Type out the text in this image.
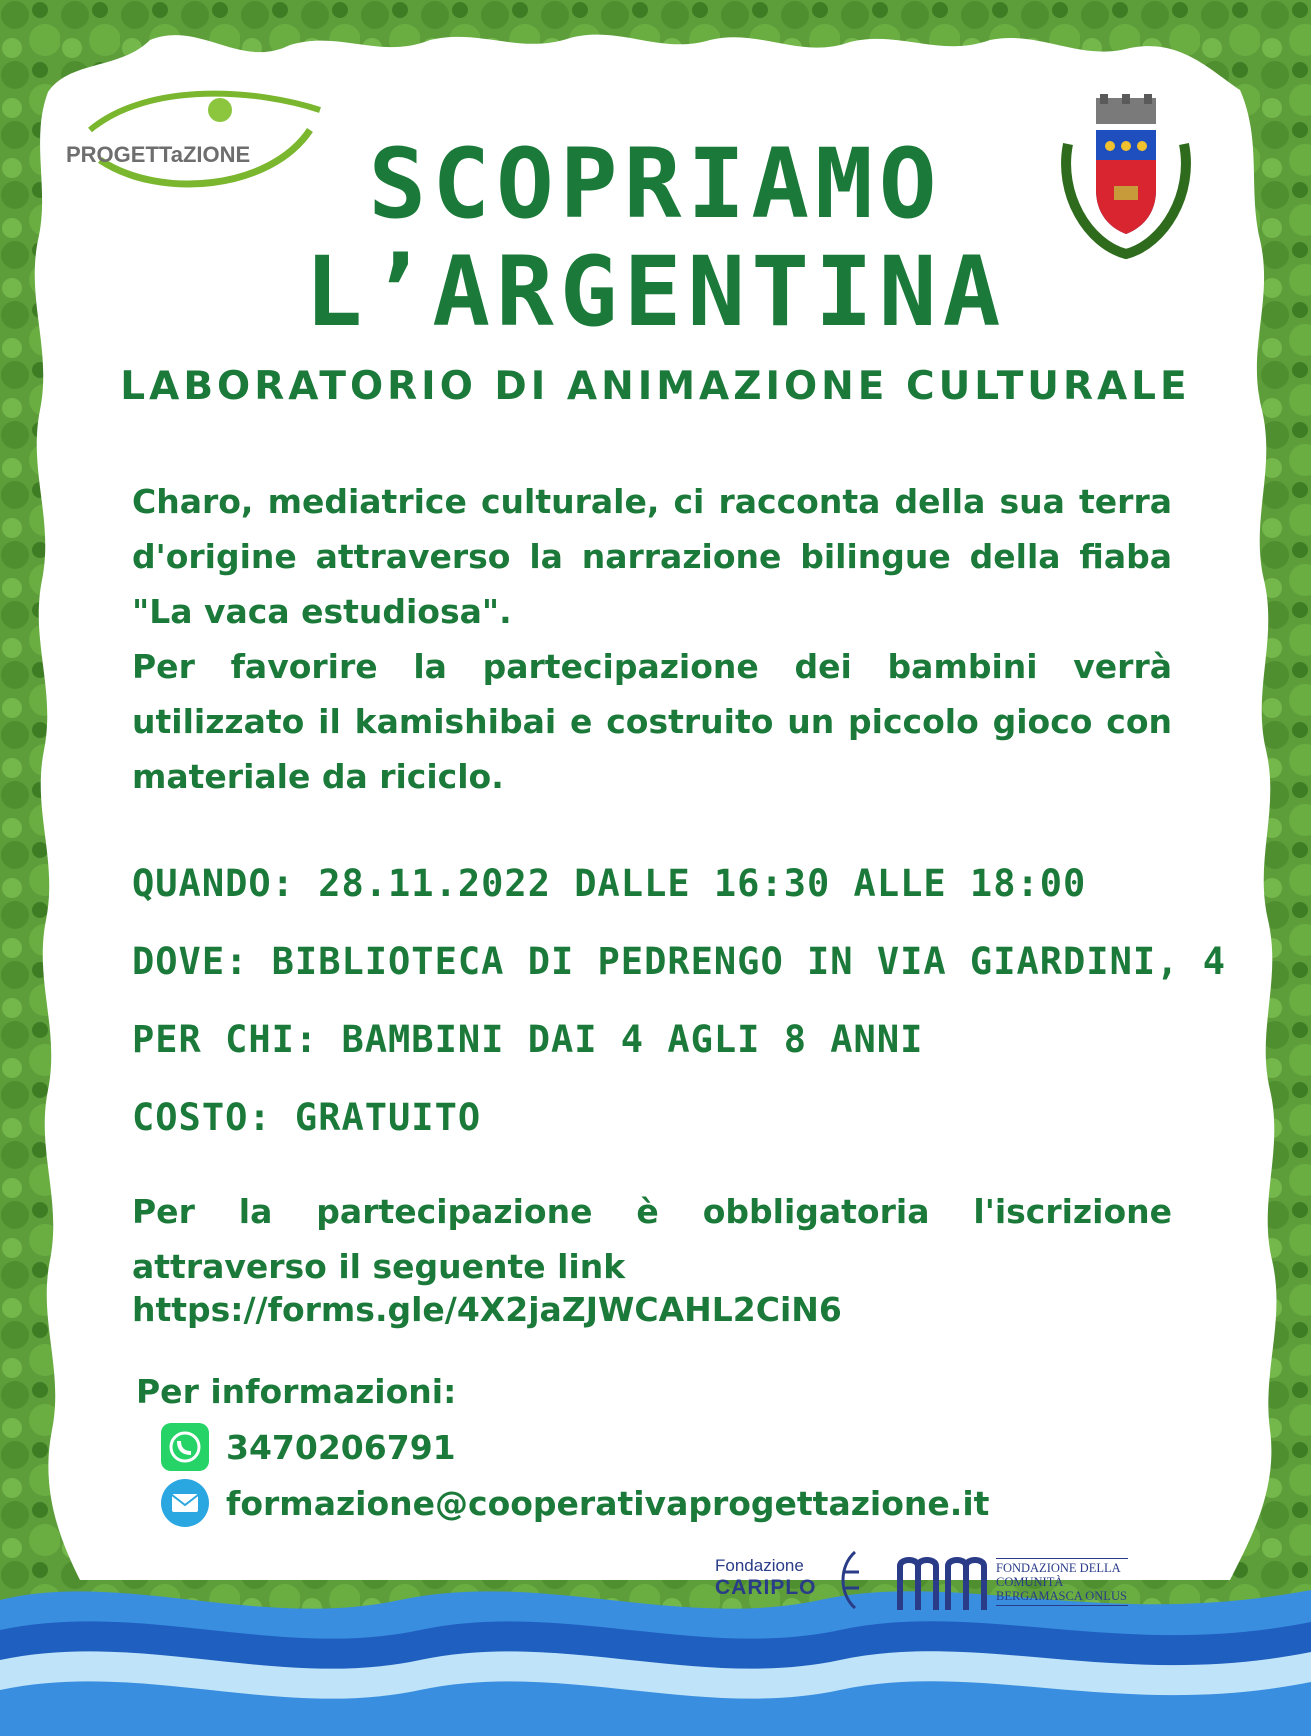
PROGETTaZIONE	SCOPRIAMO
L’ARGENTINA
LABORATORIO DI ANIMAZIONE CULTURALE
Charo, mediatrice culturale, ci racconta della sua terra d'origine attraverso la narrazione bilingue della fiaba "La vaca estudiosa".
Per favorire la partecipazione dei bambini verrà utilizzato il kamishibai e costruito un piccolo gioco con materiale da riciclo.
QUANDO: 28.11.2022 DALLE 16:30 ALLE 18:00
DOVE: BIBLIOTECA DI PEDRENGO IN VIA GIARDINI, 4
PER CHI: BAMBINI DAI 4 AGLI 8 ANNI
COSTO: GRATUITO
Per la partecipazione è obbligatoria l'iscrizione attraverso il seguente link
https://forms.gle/4X2jaZJWCAHL2CiN6
Per informazioni:
3470206791
formazione@cooperativaprogettazione.it
Fondazione
CARIPLO
FONDAZIONE DELLA COMUNITÀ BERGAMASCA ONLUS
